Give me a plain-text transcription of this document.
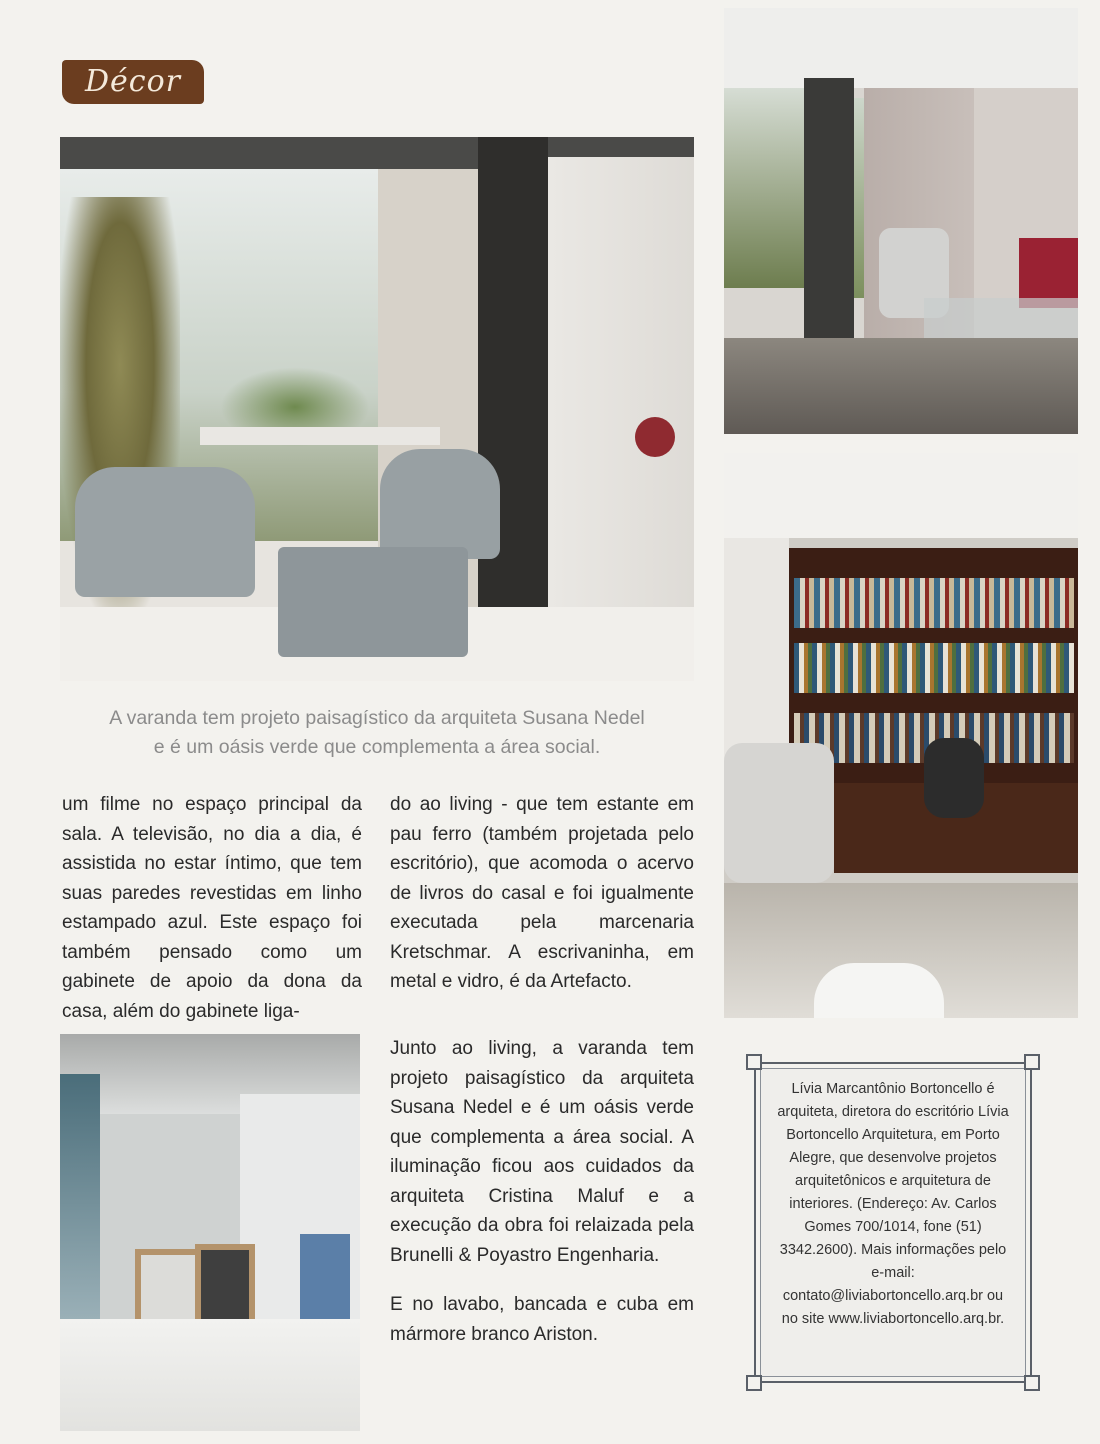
Décor
A varanda tem projeto paisagístico da arquiteta Susana Nedel
e é um oásis verde que complementa a área social.

um filme no espaço principal da sala. A televisão, no dia a dia, é assistida no estar íntimo, que tem suas paredes revestidas em linho estampado azul. Este espaço foi também pensado como um gabinete de apoio da dona da casa, além do gabinete liga-

do ao living - que tem estante em pau ferro (também projetada pelo escritório), que acomoda o acervo de livros do casal e foi igualmente executada pela marcenaria Kretschmar. A escrivaninha, em metal e vidro, é da Artefacto.

Junto ao living, a varanda tem projeto paisagístico da arquiteta Susana Nedel e é um oásis verde que complementa a área social. A iluminação ficou aos cuidados da arquiteta Cristina Maluf e a execução da obra foi relaizada pela Brunelli & Poyastro Engenharia.

E no lavabo, bancada e cuba em mármore branco Ariston.

Lívia Marcantônio Bortoncello é arquiteta, diretora do escritório Lívia Bortoncello Arquitetura, em Porto Alegre, que desenvolve projetos arquitetônicos e arquitetura de interiores. (Endereço: Av. Carlos Gomes 700/1014, fone (51) 3342.2600). Mais informações pelo e-mail: contato@liviabortoncello.arq.br ou no site www.liviabortoncello.arq.br.
